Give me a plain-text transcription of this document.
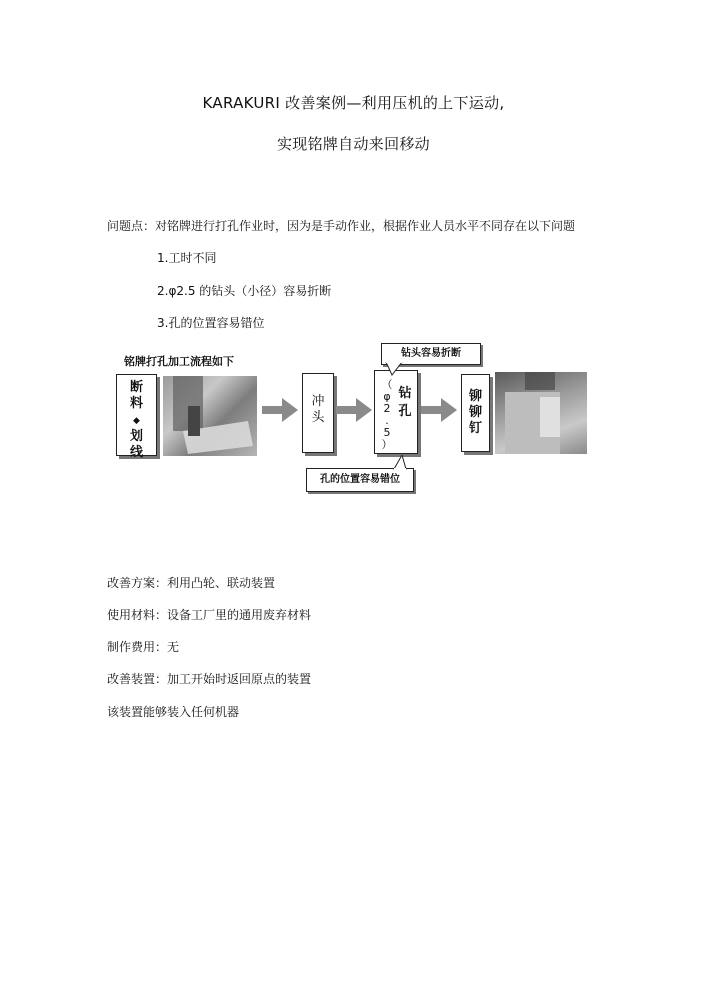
KARAKURI 改善案例—利用压机的上下运动,
实现铭牌自动来回移动
问题点：对铭牌进行打孔作业时，因为是手动作业，根据作业人员水平不同存在以下问题
1.工时不同
2.φ2.5 的钻头（小径）容易折断
3.孔的位置容易错位
铭牌打孔加工流程如下
断
料
◆
划
线
冲
头
（
φ
2
.
5
）
钻
孔
钻头容易折断
孔的位置容易错位
铆
铆
钉
改善方案：利用凸轮、联动装置
使用材料：设备工厂里的通用废弃材料
制作费用：无
改善装置：加工开始时返回原点的装置
该装置能够装入任何机器
